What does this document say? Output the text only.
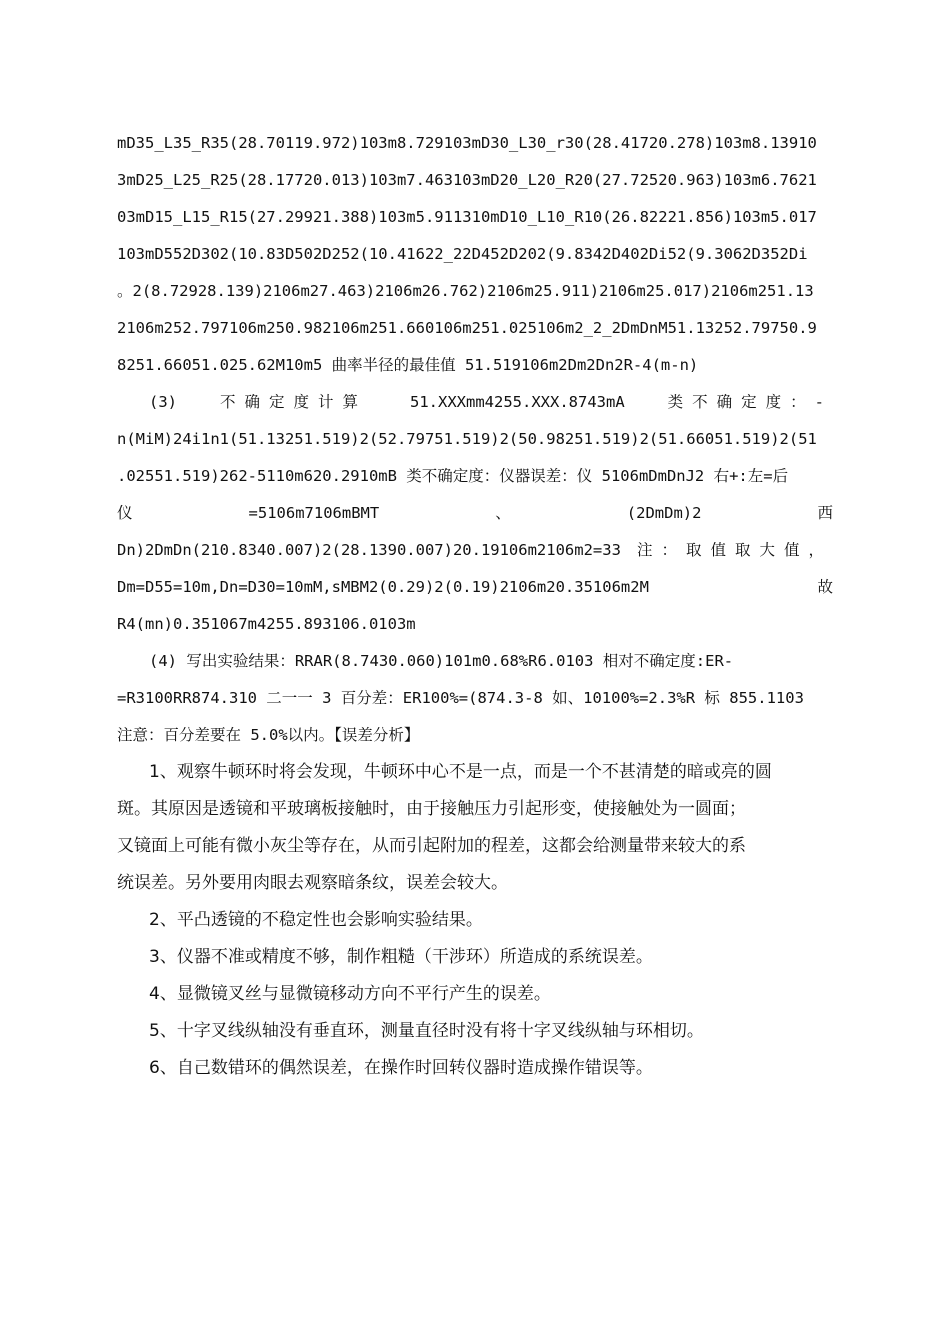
mD35_L35_R35(28.70119.972)103m8.729103mD30_L30_r30(28.41720.278)103m8.13910
3mD25_L25_R25(28.17720.013)103m7.463103mD20_L20_R20(27.72520.963)103m6.7621
03mD15_L15_R15(27.29921.388)103m5.911310mD10_L10_R10(26.82221.856)103m5.017
103mD552D302(10.83D502D252(10.41622_22D452D202(9.8342D402Di52(9.3062D352Di
。2(8.72928.139)2106m27.463)2106m26.762)2106m25.911)2106m25.017)2106m251.13
2106m252.797106m250.982106m251.660106m251.025106m2_2_2DmDnM51.13252.79750.9
8251.66051.025.62M10m5 曲率半径的最佳值 51.519106m2Dm2Dn2R-4(m-n)
(3)	不确定度计算	51.XXXmm4255.XXX.8743mA	类不确定度：-
n(MiM)24i1n1(51.13251.519)2(52.79751.519)2(50.98251.519)2(51.66051.519)2(51
.02551.519)262-5110m620.2910mB 类不确定度：仪器误差：仪 5106mDmDnJ2 右+:左=后
仪	=5106m7106mBMT	、	(2DmDm)2	西
Dn)2DmDn(210.8340.007)2(28.1390.007)20.19106m2106m2=33 注：取值取大值，
Dm=D55=10m,Dn=D30=10mM,sMBM2(0.29)2(0.19)2106m20.35106m2M	故
R4(mn)0.351067m4255.893106.0103m
(4) 写出实验结果：RRAR(8.7430.060)101m0.68%R6.0103 相对不确定度:ER-
=R3100RR874.310 二一一 3 百分差：ER100%=(874.3-8 如、10100%=2.3%R 标 855.1103
注意：百分差要在 5.0%以内。【误差分析】
1、观察牛顿环时将会发现，牛顿环中心不是一点，而是一个不甚清楚的暗或亮的圆
斑。其原因是透镜和平玻璃板接触时，由于接触压力引起形变，使接触处为一圆面；
又镜面上可能有微小灰尘等存在，从而引起附加的程差，这都会给测量带来较大的系
统误差。另外要用肉眼去观察暗条纹，误差会较大。
2、平凸透镜的不稳定性也会影响实验结果。
3、仪器不准或精度不够，制作粗糙（干涉环）所造成的系统误差。
4、显微镜叉丝与显微镜移动方向不平行产生的误差。
5、十字叉线纵轴没有垂直环，测量直径时没有将十字叉线纵轴与环相切。
6、自己数错环的偶然误差，在操作时回转仪器时造成操作错误等。
